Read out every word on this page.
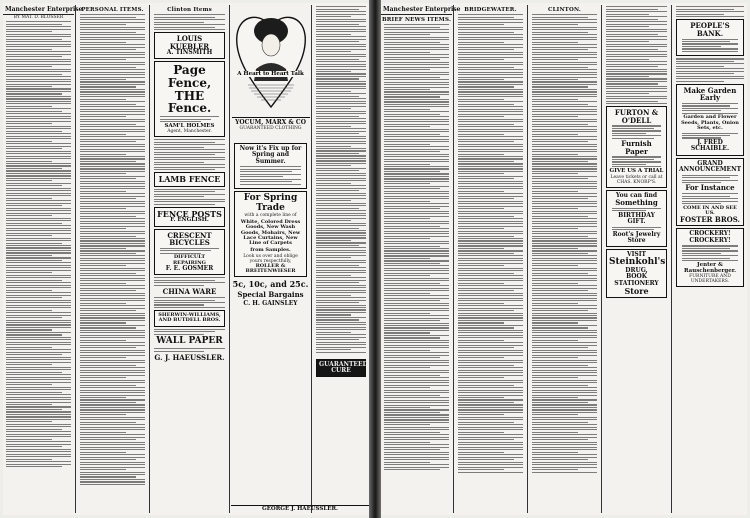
Manchester Enterprise
BY MAT. D. BLOSSER
PERSONAL ITEMS.	Clinton Items
LOUIS KUEBLER
A. TINSMITH
Page Fence,
THE Fence.
SAM'L HOLMES
Agent, Manchester.
LAMB FENCE
FENCE POSTS
F. ENGLISH.
CRESCENT BICYCLES
DIFFICULT REPAIRING
F. E. GOSMER
CHINA WARE
SHERWIN-WILLIAMS, AND BUTDELL BROS.
WALL PAPER
G. J. HAEUSSLER.
A Heart to Heart Talk
YOCUM, MARX & CO
GUARANTEED CLOTHING
Now it's Fix up for
Spring and Summer.
For Spring Trade
with a complete line of
White, Colored Dress Goods, New Wash Goods, Mohairs, New Lace Curtains, New Line of Carpets
from Samples.
Look us over and oblige yours respectfully,
ROLLER & BREITENWIESER
5c, 10c, and 25c.
Special Bargains
C. H. GAINSLEY
GUARANTEED CURE
GEORGE J. HAEUSSLER.
Manchester Enterprise
BRIEF NEWS ITEMS.
BRIDGEWATER.	CLINTON.
FURTON & O'DELL
Furnish Paper
GIVE US A TRIAL
Leave tickets or call at CHAS. KNORP'S.
You can find
Something
BIRTHDAY GIFT.
Root's Jewelry Store
VISIT
Steinkohl's
DRUG,
BOOK
STATIONERY
Store
PEOPLE'S BANK.
Make Garden Early
Garden and Flower Seeds, Plants, Onion Sets, etc.
J. FRED SCHAIBLE.
GRAND ANNOUNCEMENT
For Instance
COME IN AND SEE US.
FOSTER BROS.
CROCKERY! CROCKERY!
Jenter & Rauschenberger.
FURNITURE AND UNDERTAKERS.
